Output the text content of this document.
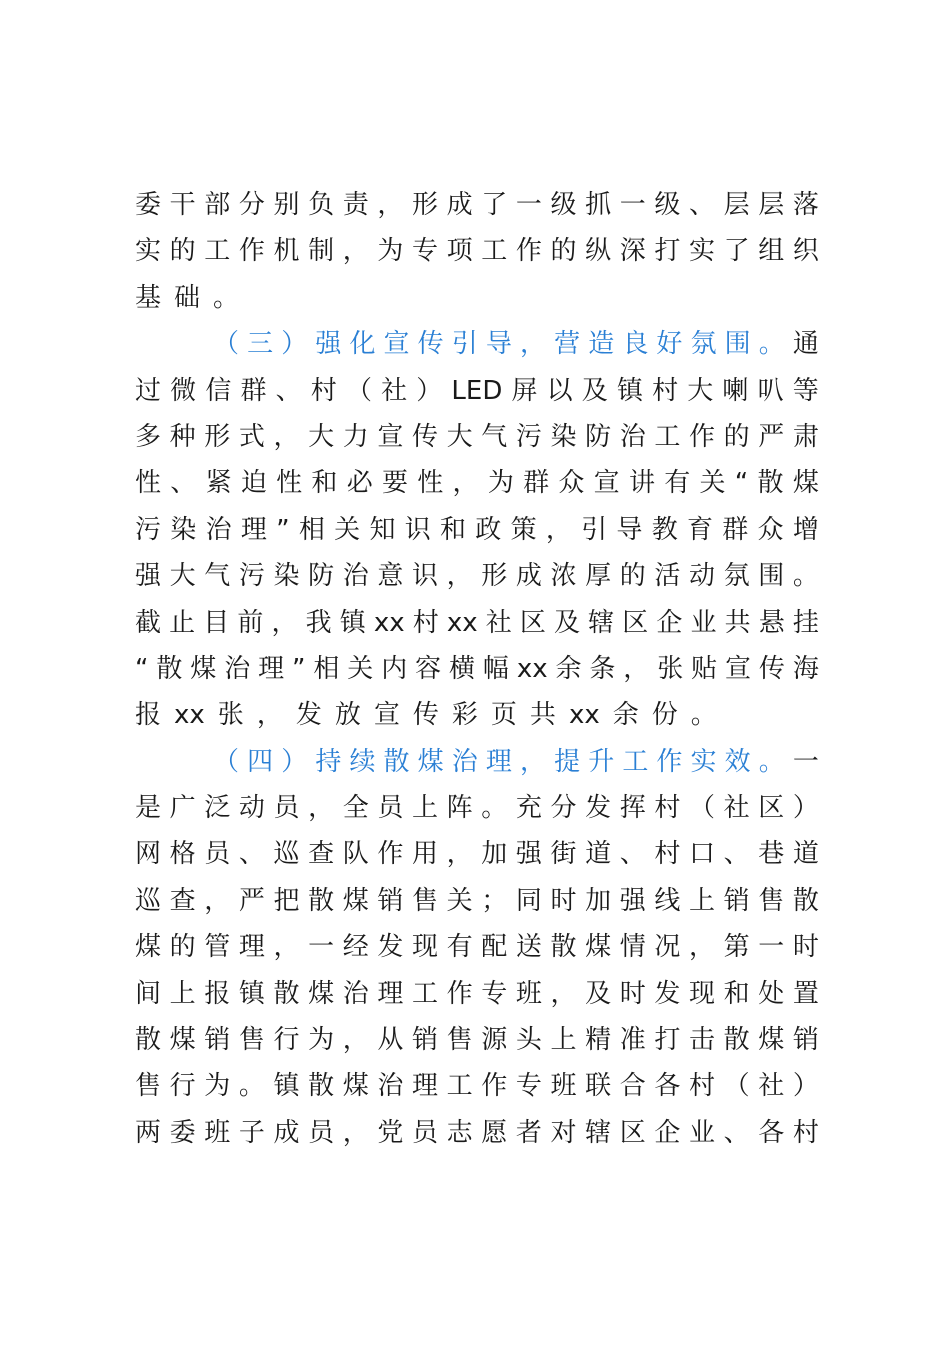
委 干 部 分 别 负 责 ， 形 成 了 一 级 抓 一 级 、 层 层 落
实 的 工 作 机 制 ， 为 专 项 工 作 的 纵 深 打 实 了 组 织
基 础 。
（ 三 ） 强 化 宣 传 引 导 ， 营 造 良 好 氛 围 。 通
过 微 信 群 、 村 （ 社 ） LED 屏 以 及 镇 村 大 喇 叭 等
多 种 形 式 ， 大 力 宣 传 大 气 污 染 防 治 工 作 的 严 肃
性 、 紧 迫 性 和 必 要 性 ， 为 群 众 宣 讲 有 关 “ 散 煤
污 染 治 理 ” 相 关 知 识 和 政 策 ， 引 导 教 育 群 众 增
强 大 气 污 染 防 治 意 识 ， 形 成 浓 厚 的 活 动 氛 围 。
截 止 目 前 ， 我 镇 xx 村 xx 社 区 及 辖 区 企 业 共 悬 挂
“ 散 煤 治 理 ” 相 关 内 容 横 幅 xx 余 条 ， 张 贴 宣 传 海
报 xx 张 ， 发 放 宣 传 彩 页 共 xx 余 份 。
（ 四 ） 持 续 散 煤 治 理 ， 提 升 工 作 实 效 。 一
是 广 泛 动 员 ， 全 员 上 阵 。 充 分 发 挥 村 （ 社 区 ）
网 格 员 、 巡 查 队 作 用 ， 加 强 街 道 、 村 口 、 巷 道
巡 查 ， 严 把 散 煤 销 售 关 ； 同 时 加 强 线 上 销 售 散
煤 的 管 理 ， 一 经 发 现 有 配 送 散 煤 情 况 ， 第 一 时
间 上 报 镇 散 煤 治 理 工 作 专 班 ， 及 时 发 现 和 处 置
散 煤 销 售 行 为 ， 从 销 售 源 头 上 精 准 打 击 散 煤 销
售 行 为 。 镇 散 煤 治 理 工 作 专 班 联 合 各 村 （ 社 ）
两 委 班 子 成 员 ， 党 员 志 愿 者 对 辖 区 企 业 、 各 村
